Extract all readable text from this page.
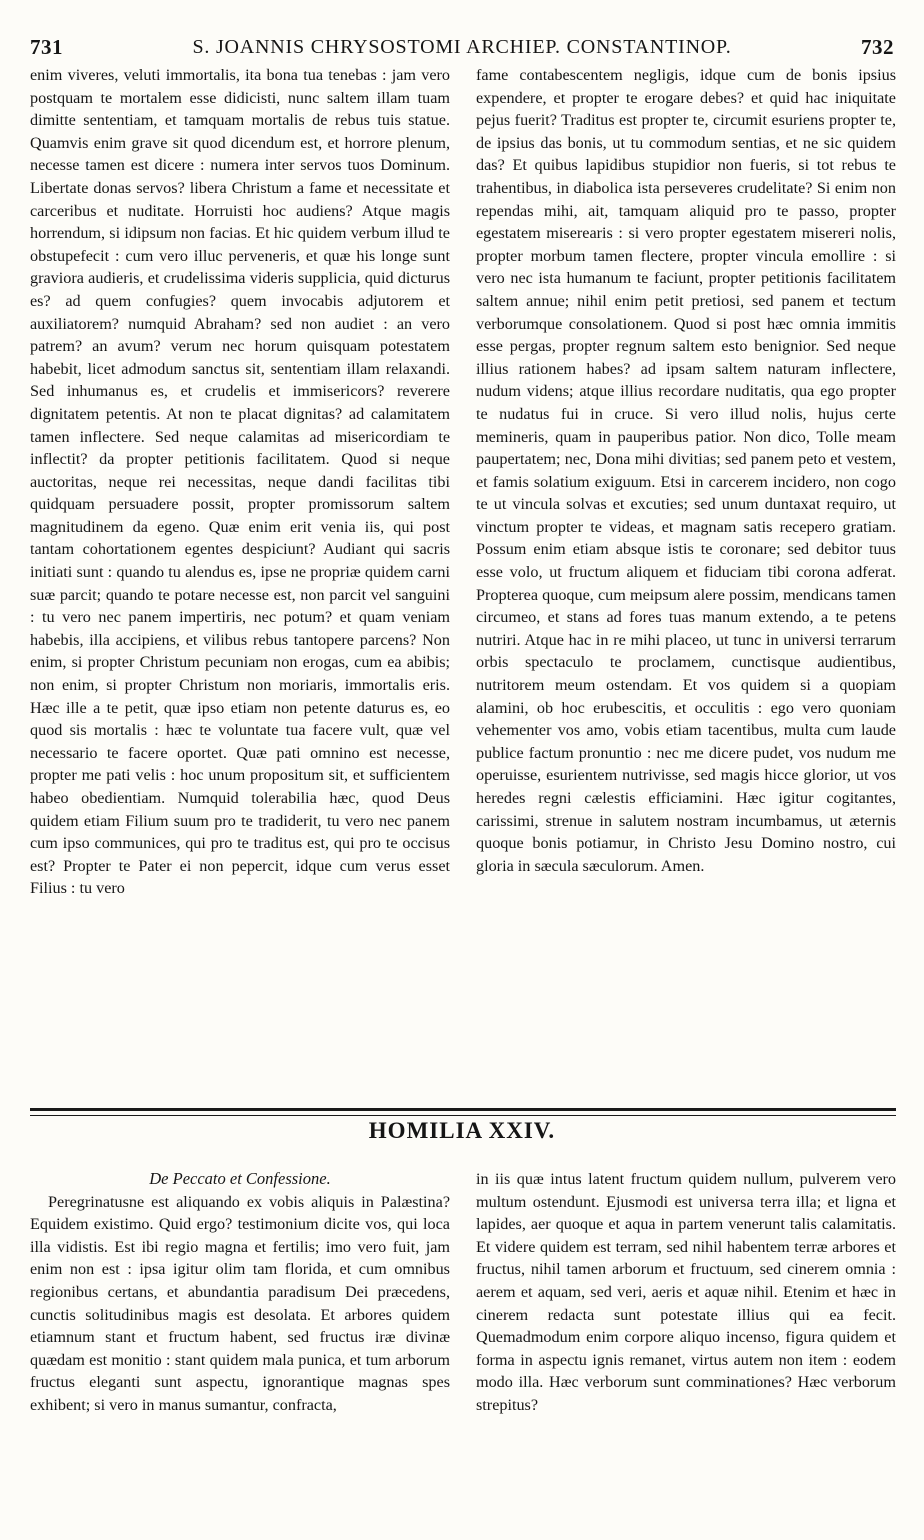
731	S. JOANNIS CHRYSOSTOMI ARCHIEP. CONSTANTINOP.	732

enim viveres, veluti immortalis, ita bona tua tenebas : jam vero postquam te mortalem esse didicisti, nunc saltem illam tuam dimitte sententiam, et tamquam mortalis de rebus tuis statue. Quamvis enim grave sit quod dicendum est, et horrore plenum, necesse tamen est dicere : numera inter servos tuos Dominum. Libertate donas servos? libera Christum a fame et necessitate et carceribus et nuditate. Horruisti hoc audiens? Atque magis horrendum, si idipsum non facias. Et hic quidem verbum illud te obstupefecit : cum vero illuc perveneris, et quæ his longe sunt graviora audieris, et crudelissima videris supplicia, quid dicturus es? ad quem confugies? quem invocabis adjutorem et auxiliatorem? numquid Abraham? sed non audiet : an vero patrem? an avum? verum nec horum quisquam potestatem habebit, licet admodum sanctus sit, sententiam illam relaxandi. Sed inhumanus es, et crudelis et immisericors? reverere dignitatem petentis. At non te placat dignitas? ad calamitatem tamen inflectere. Sed neque calamitas ad misericordiam te inflectit? da propter petitionis facilitatem. Quod si neque auctoritas, neque rei necessitas, neque dandi facilitas tibi quidquam persuadere possit, propter promissorum saltem magnitudinem da egeno. Quæ enim erit venia iis, qui post tantam cohortationem egentes despiciunt? Audiant qui sacris initiati sunt : quando tu alendus es, ipse ne propriæ quidem carni suæ parcit; quando te potare necesse est, non parcit vel sanguini : tu vero nec panem impertiris, nec potum? et quam veniam habebis, illa accipiens, et vilibus rebus tantopere parcens? Non enim, si propter Christum pecuniam non erogas, cum ea abibis; non enim, si propter Christum non moriaris, immortalis eris. Hæc ille a te petit, quæ ipso etiam non petente daturus es, eo quod sis mortalis : hæc te voluntate tua facere vult, quæ vel necessario te facere oportet. Quæ pati omnino est necesse, propter me pati velis : hoc unum propositum sit, et sufficientem habeo obedientiam. Numquid tolerabilia hæc, quod Deus quidem etiam Filium suum pro te tradiderit, tu vero nec panem cum ipso communices, qui pro te traditus est, qui pro te occisus est? Propter te Pater ei non pepercit, idque cum verus esset Filius : tu vero

fame contabescentem negligis, idque cum de bonis ipsius expendere, et propter te erogare debes? et quid hac iniquitate pejus fuerit? Traditus est propter te, circumit esuriens propter te, de ipsius das bonis, ut tu commodum sentias, et ne sic quidem das? Et quibus lapidibus stupidior non fueris, si tot rebus te trahentibus, in diabolica ista perseveres crudelitate? Si enim non rependas mihi, ait, tamquam aliquid pro te passo, propter egestatem miserearis : si vero propter egestatem misereri nolis, propter morbum tamen flectere, propter vincula emollire : si vero nec ista humanum te faciunt, propter petitionis facilitatem saltem annue; nihil enim petit pretiosi, sed panem et tectum verborumque consolationem. Quod si post hæc omnia immitis esse pergas, propter regnum saltem esto benignior. Sed neque illius rationem habes? ad ipsam saltem naturam inflectere, nudum videns; atque illius recordare nuditatis, qua ego propter te nudatus fui in cruce. Si vero illud nolis, hujus certe memineris, quam in pauperibus patior. Non dico, Tolle meam paupertatem; nec, Dona mihi divitias; sed panem peto et vestem, et famis solatium exiguum. Etsi in carcerem incidero, non cogo te ut vincula solvas et excuties; sed unum duntaxat requiro, ut vinctum propter te videas, et magnam satis recepero gratiam. Possum enim etiam absque istis te coronare; sed debitor tuus esse volo, ut fructum aliquem et fiduciam tibi corona adferat. Propterea quoque, cum meipsum alere possim, mendicans tamen circumeo, et stans ad fores tuas manum extendo, a te petens nutriri. Atque hac in re mihi placeo, ut tunc in universi terrarum orbis spectaculo te proclamem, cunctisque audientibus, nutritorem meum ostendam. Et vos quidem si a quopiam alamini, ob hoc erubescitis, et occulitis : ego vero quoniam vehementer vos amo, vobis etiam tacentibus, multa cum laude publice factum pronuntio : nec me dicere pudet, vos nudum me operuisse, esurientem nutrivisse, sed magis hicce glorior, ut vos heredes regni cælestis efficiamini. Hæc igitur cogitantes, carissimi, strenue in salutem nostram incumbamus, ut æternis quoque bonis potiamur, in Christo Jesu Domino nostro, cui gloria in sæcula sæculorum. Amen.

HOMILIA XXIV.

De Peccato et Confessione.

Peregrinatusne est aliquando ex vobis aliquis in Palæstina? Equidem existimo. Quid ergo? testimonium dicite vos, qui loca illa vidistis. Est ibi regio magna et fertilis; imo vero fuit, jam enim non est : ipsa igitur olim tam florida, et cum omnibus regionibus certans, et abundantia paradisum Dei præcedens, cunctis solitudinibus magis est desolata. Et arbores quidem etiamnum stant et fructum habent, sed fructus iræ divinæ quædam est monitio : stant quidem mala punica, et tum arborum fructus eleganti sunt aspectu, ignorantique magnas spes exhibent; si vero in manus sumantur, confracta,

in iis quæ intus latent fructum quidem nullum, pulverem vero multum ostendunt. Ejusmodi est universa terra illa; et ligna et lapides, aer quoque et aqua in partem venerunt talis calamitatis. Et videre quidem est terram, sed nihil habentem terræ arbores et fructus, nihil tamen arborum et fructuum, sed cinerem omnia : aerem et aquam, sed veri, aeris et aquæ nihil. Etenim et hæc in cinerem redacta sunt potestate illius qui ea fecit. Quemadmodum enim corpore aliquo incenso, figura quidem et forma in aspectu ignis remanet, virtus autem non item : eodem modo illa. Hæc verborum sunt comminationes? Hæc verborum strepitus?
